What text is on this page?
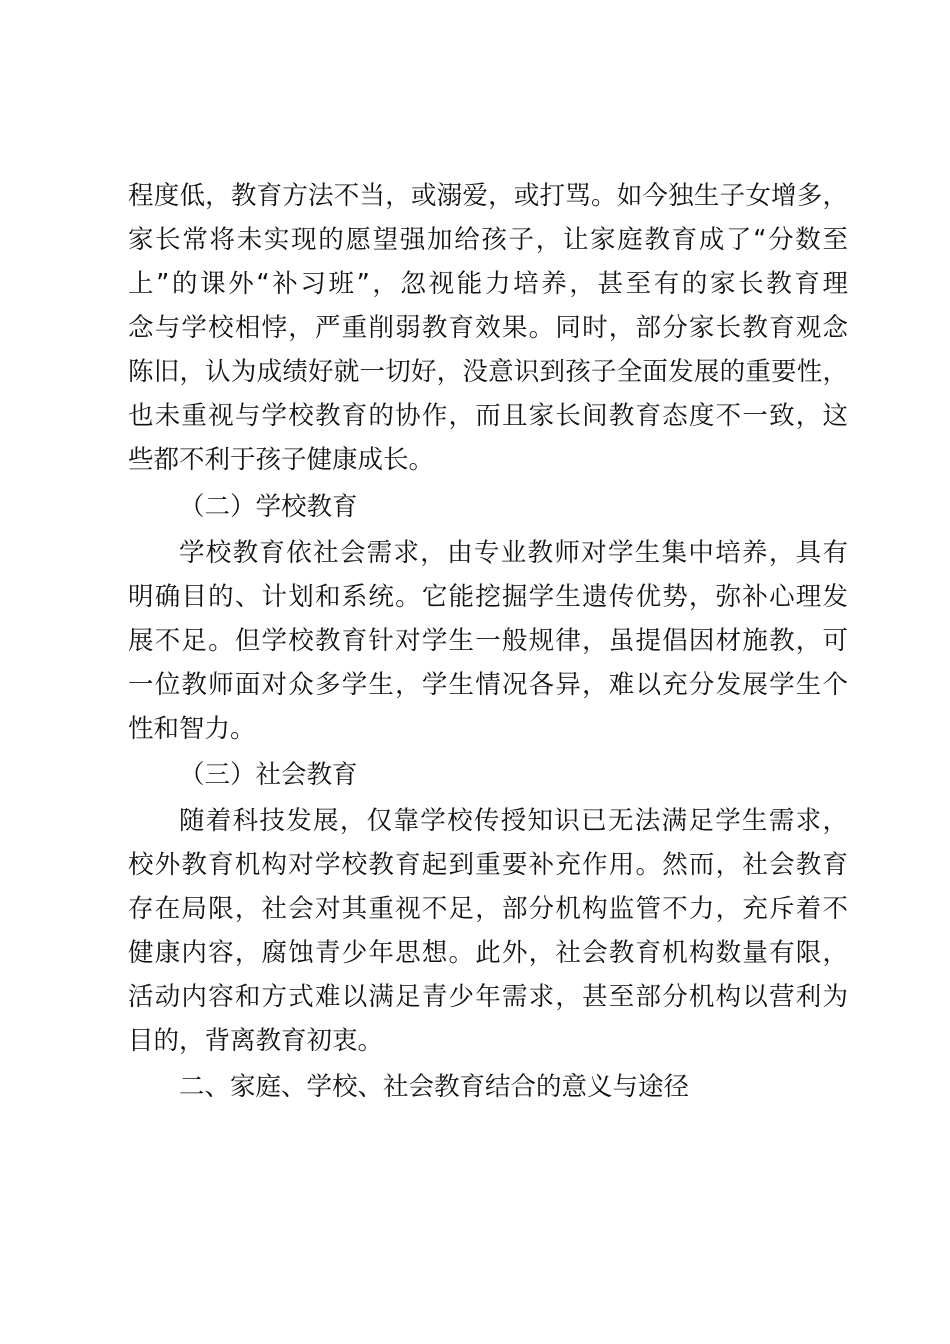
程度低，教育方法不当，或溺爱，或打骂。如今独生子女增多，
家长常将未实现的愿望强加给孩子，让家庭教育成了“分数至
上”的课外“补习班”，忽视能力培养，甚至有的家长教育理
念与学校相悖，严重削弱教育效果。同时，部分家长教育观念
陈旧，认为成绩好就一切好，没意识到孩子全面发展的重要性，
也未重视与学校教育的协作，而且家长间教育态度不一致，这
些都不利于孩子健康成长。
（二）学校教育
学校教育依社会需求，由专业教师对学生集中培养，具有
明确目的、计划和系统。它能挖掘学生遗传优势，弥补心理发
展不足。但学校教育针对学生一般规律，虽提倡因材施教，可
一位教师面对众多学生，学生情况各异，难以充分发展学生个
性和智力。
（三）社会教育
随着科技发展，仅靠学校传授知识已无法满足学生需求，
校外教育机构对学校教育起到重要补充作用。然而，社会教育
存在局限，社会对其重视不足，部分机构监管不力，充斥着不
健康内容，腐蚀青少年思想。此外，社会教育机构数量有限，
活动内容和方式难以满足青少年需求，甚至部分机构以营利为
目的，背离教育初衷。
二、家庭、学校、社会教育结合的意义与途径
